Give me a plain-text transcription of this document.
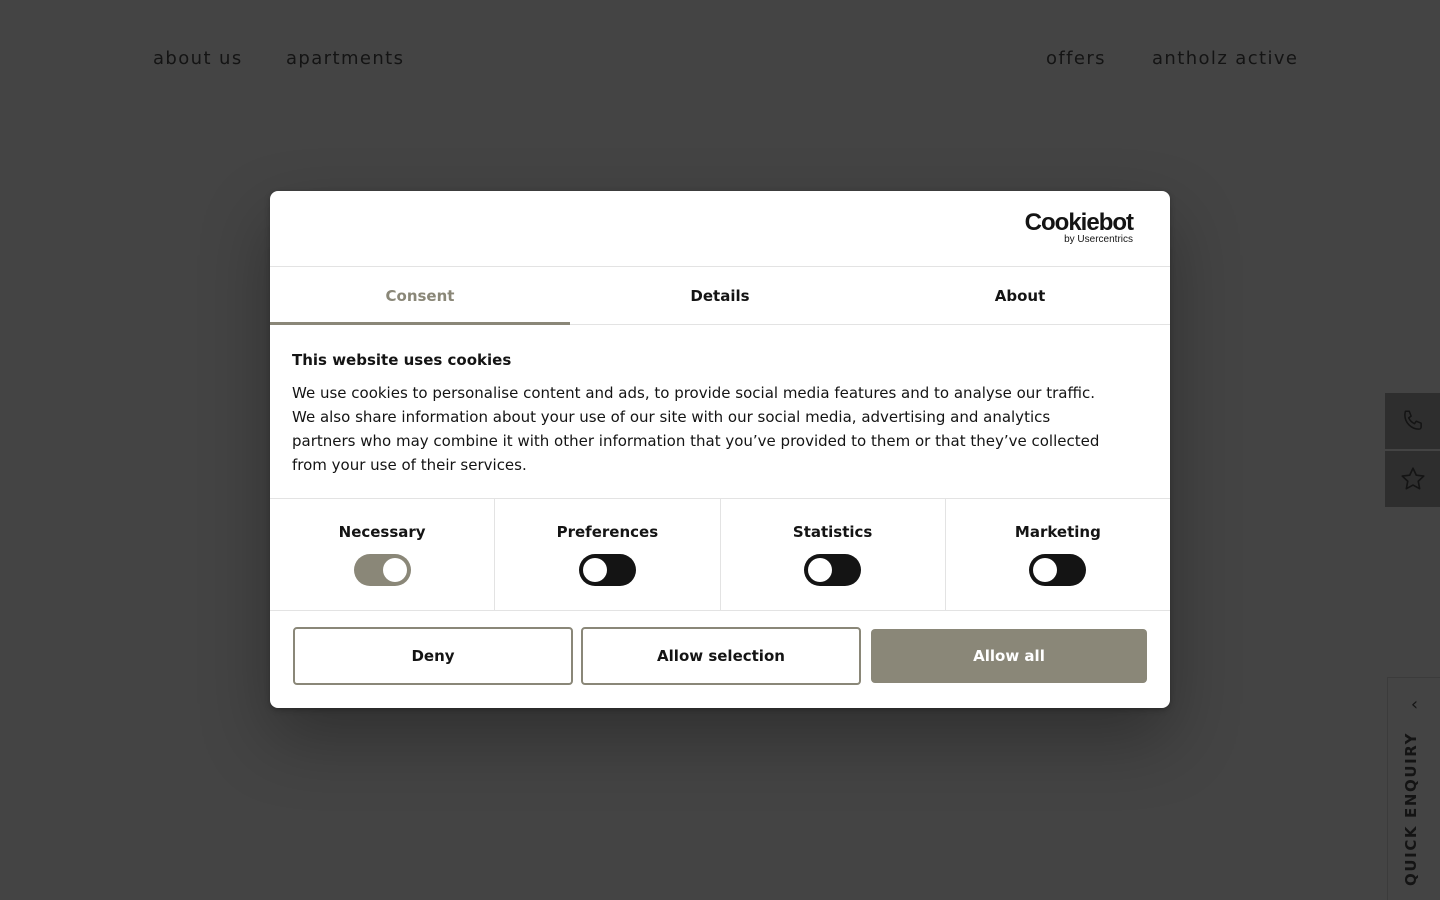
about us apartments	offers	antholz active
‹
QUICK ENQUIRY
Cookiebot
by Usercentrics
Consent	Details	About
This website uses cookies
We use cookies to personalise content and ads, to provide social media features and to analyse our traffic. We also share information about your use of our site with our social media, advertising and analytics partners who may combine it with other information that you’ve provided to them or that they’ve collected from your use of their services.
Necessary	Preferences	Statistics	Marketing
Deny	Allow selection	Allow all
